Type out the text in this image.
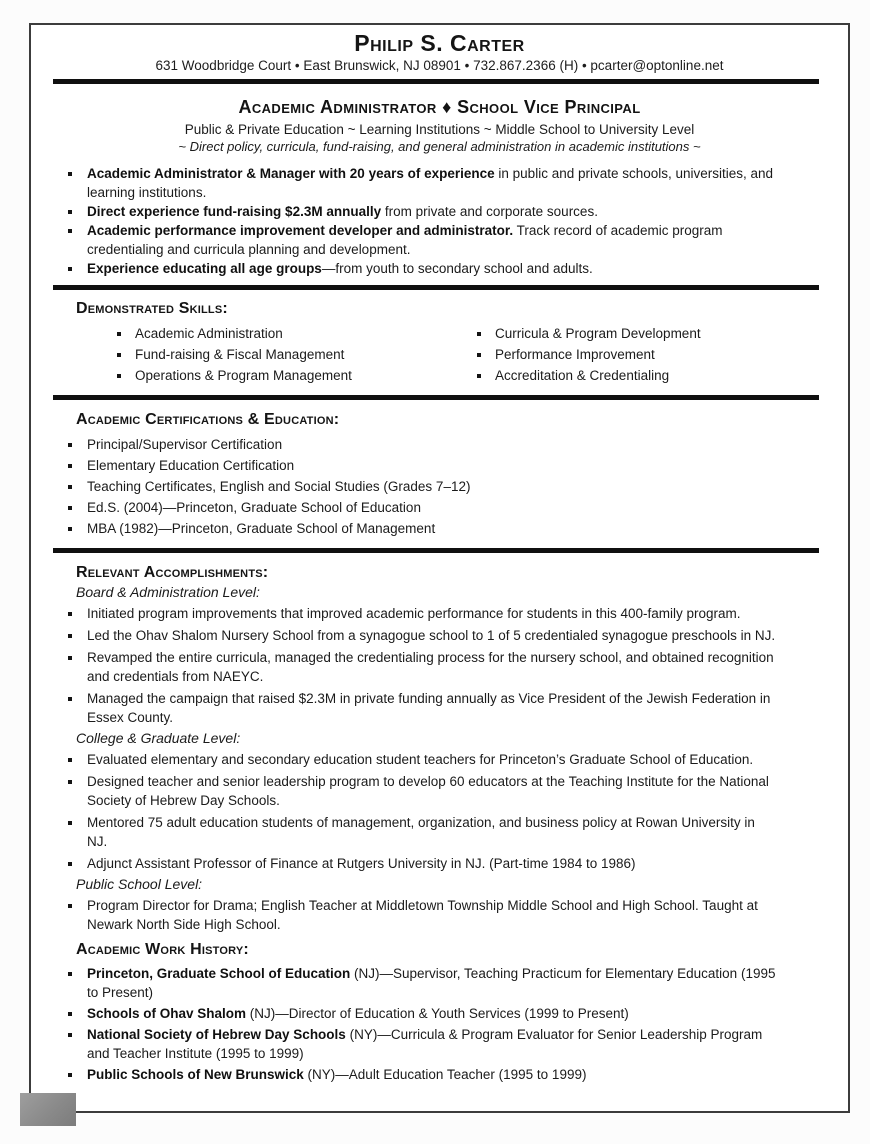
Philip S. Carter
631 Woodbridge Court • East Brunswick, NJ 08901 • 732.867.2366 (H) • pcarter@optonline.net
Academic Administrator ♦ School Vice Principal
Public & Private Education ~ Learning Institutions ~ Middle School to University Level
~ Direct policy, curricula, fund-raising, and general administration in academic institutions ~
Academic Administrator & Manager with 20 years of experience in public and private schools, universities, and learning institutions.
Direct experience fund-raising $2.3M annually from private and corporate sources.
Academic performance improvement developer and administrator. Track record of academic program credentialing and curricula planning and development.
Experience educating all age groups—from youth to secondary school and adults.
Demonstrated Skills:
Academic Administration
Fund-raising & Fiscal Management
Operations & Program Management
Curricula & Program Development
Performance Improvement
Accreditation & Credentialing
Academic Certifications & Education:
Principal/Supervisor Certification
Elementary Education Certification
Teaching Certificates, English and Social Studies (Grades 7–12)
Ed.S. (2004)—Princeton, Graduate School of Education
MBA (1982)—Princeton, Graduate School of Management
Relevant Accomplishments:
Board & Administration Level:
Initiated program improvements that improved academic performance for students in this 400-family program.
Led the Ohav Shalom Nursery School from a synagogue school to 1 of 5 credentialed synagogue preschools in NJ.
Revamped the entire curricula, managed the credentialing process for the nursery school, and obtained recognition and credentials from NAEYC.
Managed the campaign that raised $2.3M in private funding annually as Vice President of the Jewish Federation in Essex County.
College & Graduate Level:
Evaluated elementary and secondary education student teachers for Princeton’s Graduate School of Education.
Designed teacher and senior leadership program to develop 60 educators at the Teaching Institute for the National Society of Hebrew Day Schools.
Mentored 75 adult education students of management, organization, and business policy at Rowan University in NJ.
Adjunct Assistant Professor of Finance at Rutgers University in NJ. (Part-time 1984 to 1986)
Public School Level:
Program Director for Drama; English Teacher at Middletown Township Middle School and High School. Taught at Newark North Side High School.
Academic Work History:
Princeton, Graduate School of Education (NJ)—Supervisor, Teaching Practicum for Elementary Education (1995 to Present)
Schools of Ohav Shalom (NJ)—Director of Education & Youth Services (1999 to Present)
National Society of Hebrew Day Schools (NY)—Curricula & Program Evaluator for Senior Leadership Program and Teacher Institute (1995 to 1999)
Public Schools of New Brunswick (NY)—Adult Education Teacher (1995 to 1999)
